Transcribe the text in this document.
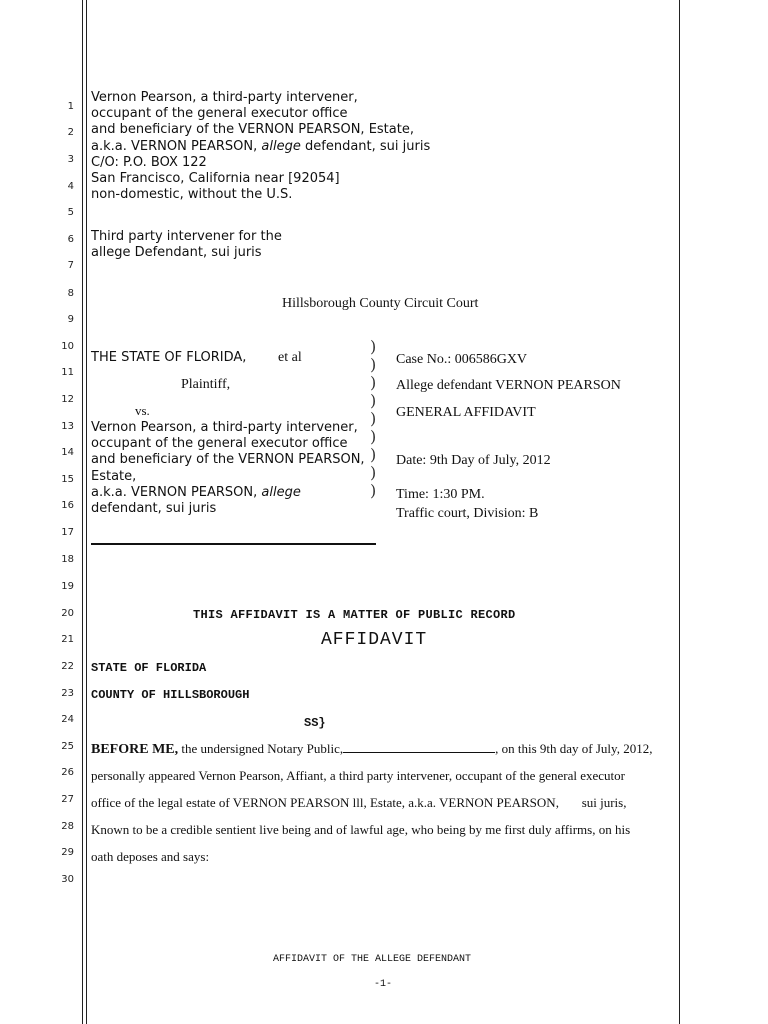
1
2
3
4
5
6
7
8
9
10
11
12
13
14
15
16
17
18
19
20
21
22
23
24
25
26
27
28
29
30
Vernon Pearson, a third-party intervener,
occupant of the general executor office
and beneficiary of the VERNON PEARSON, Estate,
a.k.a. VERNON PEARSON, allege defendant, sui juris
C/O: P.O. BOX 122
San Francisco, California near [92054]
non-domestic, without the U.S.
Third party intervener for the
allege Defendant, sui juris
Hillsborough County Circuit Court
THE STATE OF FLORIDA, et al
Plaintiff,
vs.
Vernon Pearson, a third-party intervener,
occupant of the general executor office
and beneficiary of the VERNON PEARSON,
Estate,
a.k.a. VERNON PEARSON, allege
defendant, sui juris
)
)
)
)
)
)
)
)
)
Case No.: 006586GXV
Allege defendant VERNON PEARSON
GENERAL AFFIDAVIT
Date: 9th Day of July, 2012
Time: 1:30 PM.
Traffic court, Division: B
THIS AFFIDAVIT IS A MATTER OF PUBLIC RECORD
AFFIDAVIT
STATE OF FLORIDA
COUNTY OF HILLSBOROUGH
SS}
BEFORE ME, the undersigned Notary Public,	, on this 9th day of July, 2012,
personally appeared Vernon Pearson, Affiant, a third party intervener, occupant of the general executor
office of the legal estate of VERNON PEARSON lll, Estate, a.k.a. VERNON PEARSON,       sui juris,
Known to be a credible sentient live being and of lawful age, who being by me first duly affirms, on his
oath deposes and says:
AFFIDAVIT OF THE ALLEGE DEFENDANT
-1-
